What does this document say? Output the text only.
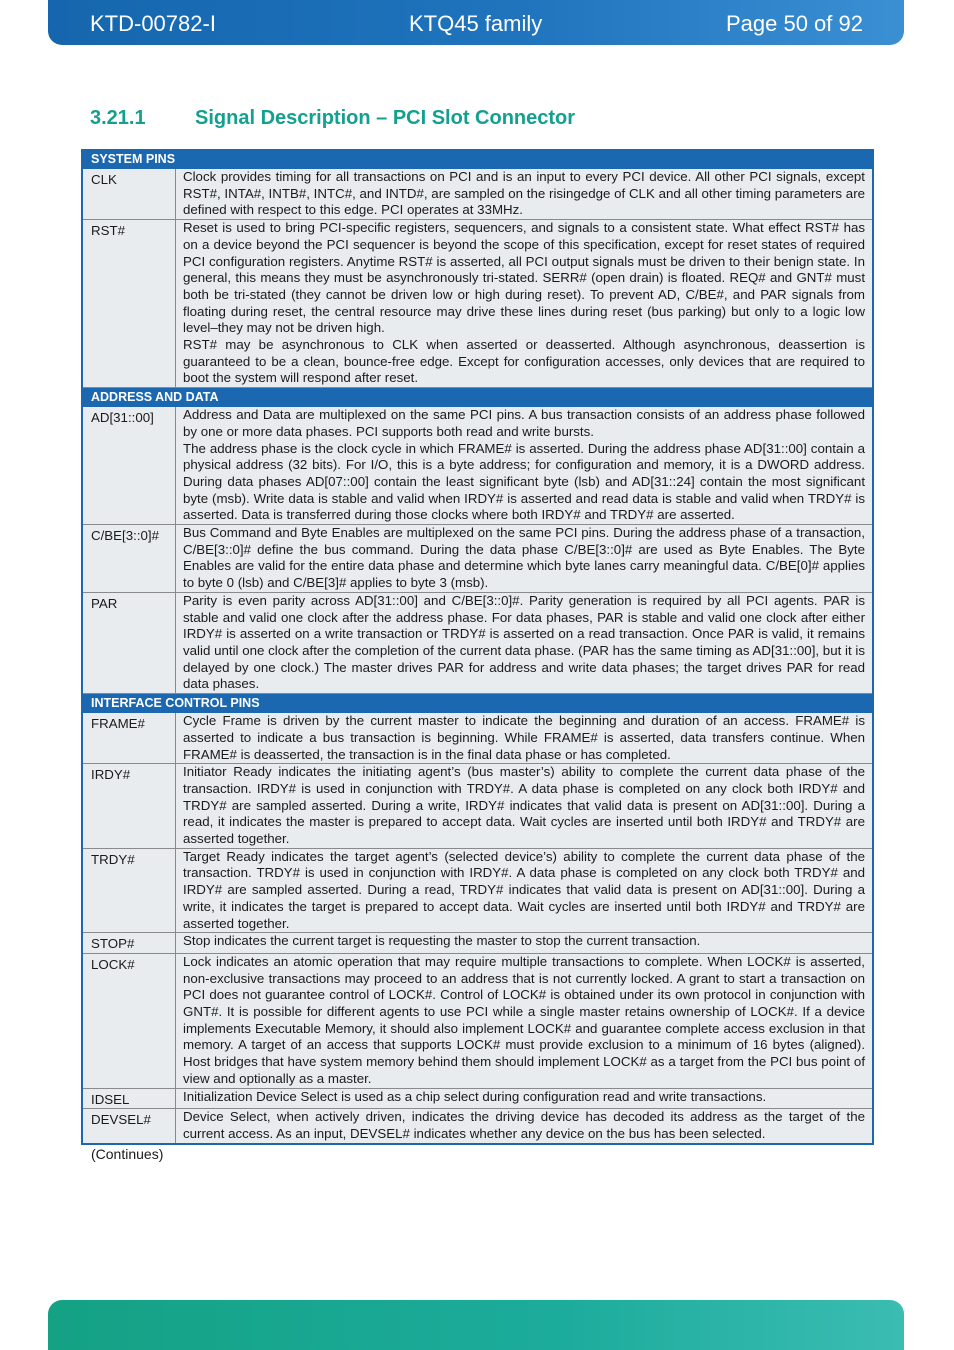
KTD-00782-I	KTQ45 family	Page 50 of 92
3.21.1 Signal Description – PCI Slot Connector
SYSTEM PINS	

CLK	Clock provides timing for all transactions on PCI and is an input to every PCI device. All other PCI signals, except RST#, INTA#, INTB#, INTC#, and INTD#, are sampled on the risingedge of CLK and all other timing parameters are defined with respect to this edge. PCI operates at 33MHz.

RST#	Reset is used to bring PCI-specific registers, sequencers, and signals to a consistent state. What effect RST# has on a device beyond the PCI sequencer is beyond the scope of this specification, except for reset states of required PCI configuration registers. Anytime RST# is asserted, all PCI output signals must be driven to their benign state. In general, this means they must be asynchronously tri-stated. SERR# (open drain) is floated. REQ# and GNT# must both be tri-stated (they cannot be driven low or high during reset). To prevent AD, C/BE#, and PAR signals from floating during reset, the central resource may drive these lines during reset (bus parking) but only to a logic low level–they may not be driven high.
RST# may be asynchronous to CLK when asserted or deasserted. Although asynchronous, deassertion is guaranteed to be a clean, bounce-free edge. Except for configuration accesses, only devices that are required to boot the system will respond after reset.

ADDRESS AND DATA	

AD[31::00]	Address and Data are multiplexed on the same PCI pins. A bus transaction consists of an address phase followed by one or more data phases. PCI supports both read and write bursts.
The address phase is the clock cycle in which FRAME# is asserted. During the address phase AD[31::00] contain a physical address (32 bits). For I/O, this is a byte address; for configuration and memory, it is a DWORD address. During data phases AD[07::00] contain the least significant byte (lsb) and AD[31::24] contain the most significant byte (msb). Write data is stable and valid when IRDY# is asserted and read data is stable and valid when TRDY# is asserted. Data is transferred during those clocks where both IRDY# and TRDY# are asserted.

C/BE[3::0]#	Bus Command and Byte Enables are multiplexed on the same PCI pins. During the address phase of a transaction, C/BE[3::0]# define the bus command. During the data phase C/BE[3::0]# are used as Byte Enables. The Byte Enables are valid for the entire data phase and determine which byte lanes carry meaningful data. C/BE[0]# applies to byte 0 (lsb) and C/BE[3]# applies to byte 3 (msb).

PAR	Parity is even parity across AD[31::00] and C/BE[3::0]#. Parity generation is required by all PCI agents. PAR is stable and valid one clock after the address phase. For data phases, PAR is stable and valid one clock after either IRDY# is asserted on a write transaction or TRDY# is asserted on a read transaction. Once PAR is valid, it remains valid until one clock after the completion of the current data phase. (PAR has the same timing as AD[31::00], but it is delayed by one clock.) The master drives PAR for address and write data phases; the target drives PAR for read data phases.

INTERFACE CONTROL PINS	

FRAME#	Cycle Frame is driven by the current master to indicate the beginning and duration of an access. FRAME# is asserted to indicate a bus transaction is beginning. While FRAME# is asserted, data transfers continue. When FRAME# is deasserted, the transaction is in the final data phase or has completed.

IRDY#	Initiator Ready indicates the initiating agent’s (bus master’s) ability to complete the current data phase of the transaction. IRDY# is used in conjunction with TRDY#. A data phase is completed on any clock both IRDY# and TRDY# are sampled asserted. During a write, IRDY# indicates that valid data is present on AD[31::00]. During a read, it indicates the master is prepared to accept data. Wait cycles are inserted until both IRDY# and TRDY# are asserted together.

TRDY#	Target Ready indicates the target agent’s (selected device’s) ability to complete the current data phase of the transaction. TRDY# is used in conjunction with IRDY#. A data phase is completed on any clock both TRDY# and IRDY# are sampled asserted. During a read, TRDY# indicates that valid data is present on AD[31::00]. During a write, it indicates the target is prepared to accept data. Wait cycles are inserted until both IRDY# and TRDY# are asserted together.

STOP#	Stop indicates the current target is requesting the master to stop the current transaction.

LOCK#	Lock indicates an atomic operation that may require multiple transactions to complete. When LOCK# is asserted, non-exclusive transactions may proceed to an address that is not currently locked. A grant to start a transaction on PCI does not guarantee control of LOCK#. Control of LOCK# is obtained under its own protocol in conjunction with GNT#. It is possible for different agents to use PCI while a single master retains ownership of LOCK#. If a device implements Executable Memory, it should also implement LOCK# and guarantee complete access exclusion in that memory. A target of an access that supports LOCK# must provide exclusion to a minimum of 16 bytes (aligned). Host bridges that have system memory behind them should implement LOCK# as a target from the PCI bus point of view and optionally as a master.

IDSEL	Initialization Device Select is used as a chip select during configuration read and write transactions.

DEVSEL#	Device Select, when actively driven, indicates the driving device has decoded its address as the target of the current access. As an input, DEVSEL# indicates whether any device on the bus has been selected.
(Continues)
